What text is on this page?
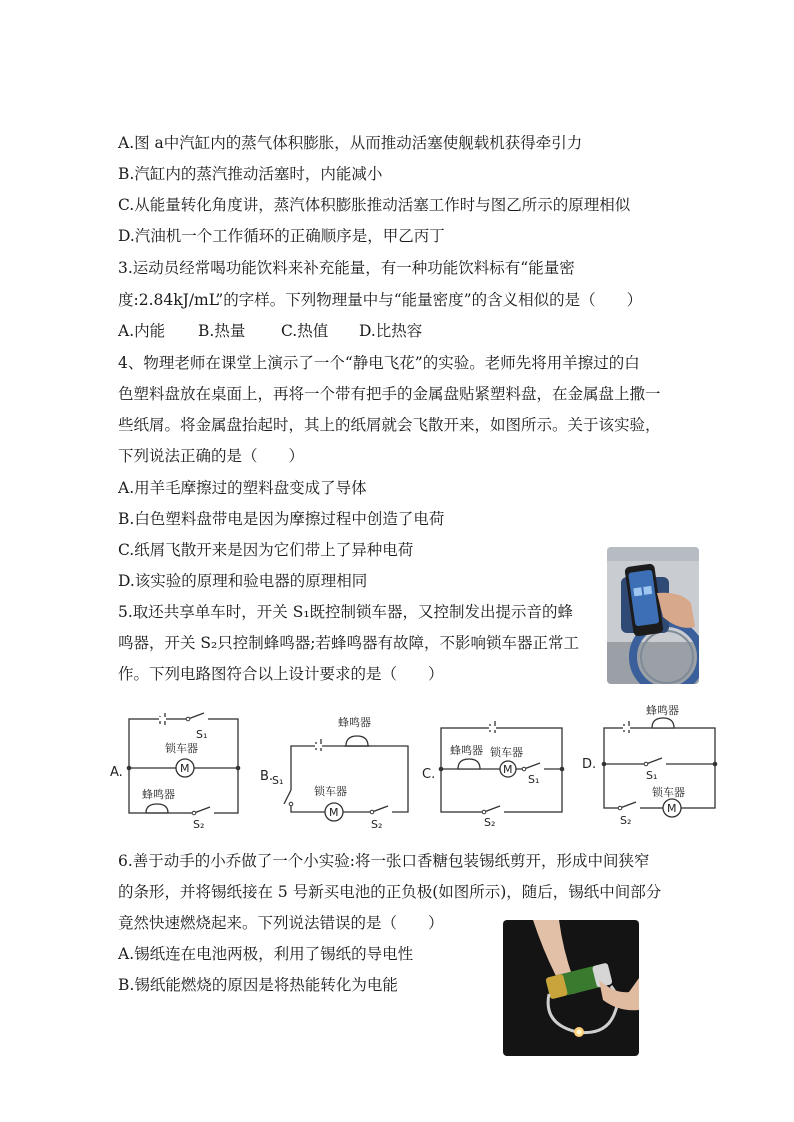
A.图 a中汽缸内的蒸气体积膨胀，从而推动活塞使舰载机获得牵引力
B.汽缸内的蒸汽推动活塞时，内能减小
C.从能量转化角度讲，蒸汽体积膨胀推动活塞工作时与图乙所示的原理相似
D.汽油机一个工作循环的正确顺序是，甲乙丙丁
3.运动员经常喝功能饮料来补充能量，有一种功能饮料标有“能量密
度:2.84kJ/mL”的字样。下列物理量中与“能量密度”的含义相似的是（　　）
A.内能 B.热量 C.热值 D.比热容
4、物理老师在课堂上演示了一个“静电飞花”的实验。老师先将用羊擦过的白
色塑料盘放在桌面上，再将一个带有把手的金属盘贴紧塑料盘，在金属盘上撒一
些纸屑。将金属盘抬起时，其上的纸屑就会飞散开来，如图所示。关于该实验，
下列说法正确的是（　　）
A.用羊毛摩擦过的塑料盘变成了导体
B.白色塑料盘带电是因为摩擦过程中创造了电荷
C.纸屑飞散开来是因为它们带上了异种电荷
D.该实验的原理和验电器的原理相同
5.取还共享单车时，开关 S₁既控制锁车器，又控制发出提示音的蜂
鸣器，开关 S₂只控制蜂鸣器;若蜂鸣器有故障，不影响锁车器正常工
作。下列电路图符合以上设计要求的是（　　）
A.
S₁
锁车器
M
蜂鸣器
S₂
B.
蜂鸣器
S₁
锁车器
M
S₂
C.
蜂鸣器 锁车器
M
S₁
S₂
D.
蜂鸣器
S₁
锁车器
S₂
M
6.善于动手的小乔做了一个小实验:将一张口香糖包装锡纸剪开，形成中间狭窄
的条形，并将锡纸接在 5 号新买电池的正负极(如图所示)，随后，锡纸中间部分
竟然快速燃烧起来。下列说法错误的是（　　）
A.锡纸连在电池两极，利用了锡纸的导电性
B.锡纸能燃烧的原因是将热能转化为电能
